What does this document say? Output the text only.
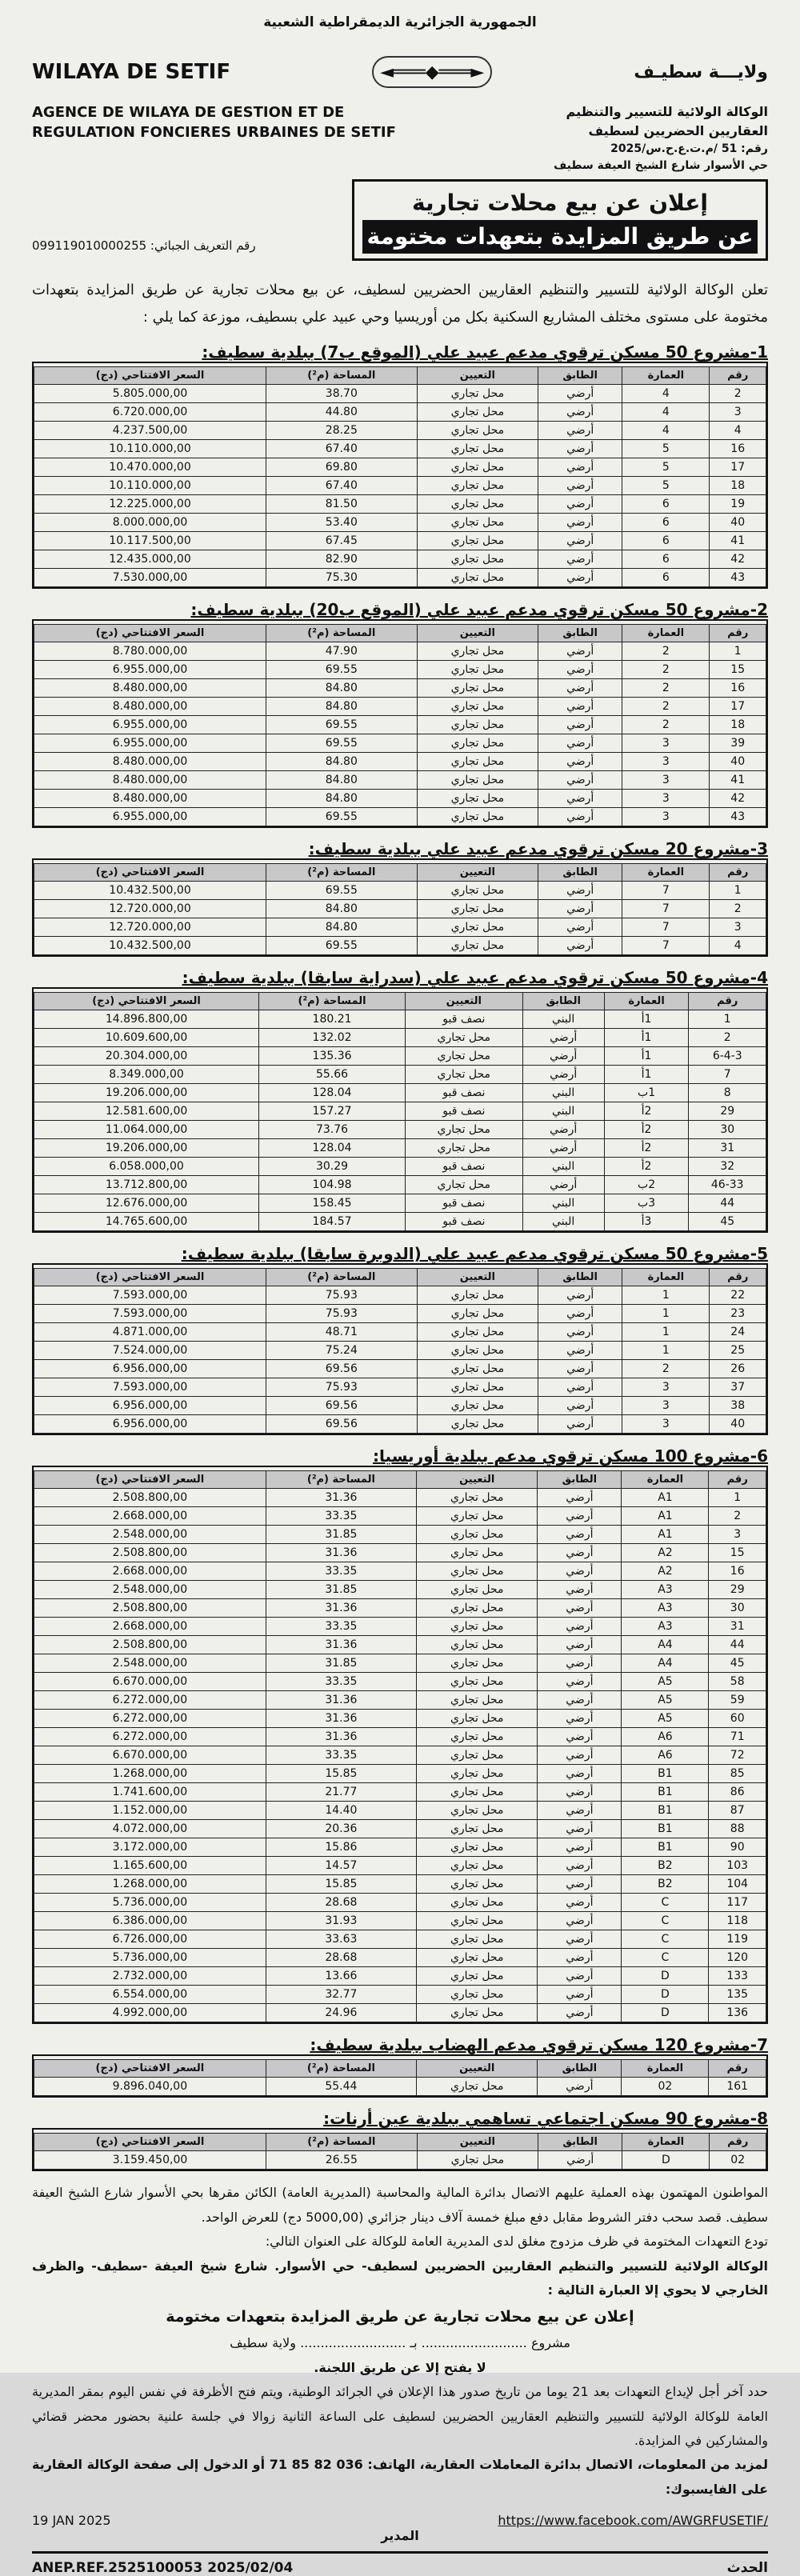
الجمهورية الجزائرية الديمقراطية الشعبية
WILAYA DE SETIF	◄═══◆═══►	ولايـــة سطيـف
AGENCE DE WILAYA DE GESTION ET DE
REGULATION FONCIERES URBAINES DE SETIF
الوكالة الولائية للتسيير والتنظيم
العقاريين الحضريين لسطيف
رقم: 51 /م.ت.ع.ح.س/2025
حي الأسوار شارع الشيخ العيفة سطيف
رقم التعريف الجبائي: 099119010000255
إعلان عن بيع محلات تجارية
عن طريق المزايدة بتعهدات مختومة
تعلن الوكالة الولائية للتسيير والتنظيم العقاريين الحضريين لسطيف، عن بيع محلات تجارية عن طريق المزايدة بتعهدات مختومة على مستوى مختلف المشاريع السكنية بكل من أوريسيا وحي عبيد علي بسطيف، موزعة كما يلي :
1-مشروع 50 مسكن ترقوي مدعم عبيد علي (الموقع ب7) ببلدية سطيف:
رقم	العمارة	الطابق	التعيين	المساحة (م²)	السعر الافتتاحي (دج)
2	4	أرضي	محل تجاري	38.70	5.805.000,00
3	4	أرضي	محل تجاري	44.80	6.720.000,00
4	4	أرضي	محل تجاري	28.25	4.237.500,00
16	5	أرضي	محل تجاري	67.40	10.110.000,00
17	5	أرضي	محل تجاري	69.80	10.470.000,00
18	5	أرضي	محل تجاري	67.40	10.110.000,00
19	6	أرضي	محل تجاري	81.50	12.225.000,00
40	6	أرضي	محل تجاري	53.40	8.000.000,00
41	6	أرضي	محل تجاري	67.45	10.117.500,00
42	6	أرضي	محل تجاري	82.90	12.435.000,00
43	6	أرضي	محل تجاري	75.30	7.530.000,00
2-مشروع 50 مسكن ترقوي مدعم عبيد علي (الموقع ب20) ببلدية سطيف:
رقم	العمارة	الطابق	التعيين	المساحة (م²)	السعر الافتتاحي (دج)
1	2	أرضي	محل تجاري	47.90	8.780.000,00
15	2	أرضي	محل تجاري	69.55	6.955.000,00
16	2	أرضي	محل تجاري	84.80	8.480.000,00
17	2	أرضي	محل تجاري	84.80	8.480.000,00
18	2	أرضي	محل تجاري	69.55	6.955.000,00
39	3	أرضي	محل تجاري	69.55	6.955.000,00
40	3	أرضي	محل تجاري	84.80	8.480.000,00
41	3	أرضي	محل تجاري	84.80	8.480.000,00
42	3	أرضي	محل تجاري	84.80	8.480.000,00
43	3	أرضي	محل تجاري	69.55	6.955.000,00
3-مشروع 20 مسكن ترقوي مدعم عبيد علي ببلدية سطيف:
رقم	العمارة	الطابق	التعيين	المساحة (م²)	السعر الافتتاحي (دج)
1	7	أرضي	محل تجاري	69.55	10.432.500,00
2	7	أرضي	محل تجاري	84.80	12.720.000,00
3	7	أرضي	محل تجاري	84.80	12.720.000,00
4	7	أرضي	محل تجاري	69.55	10.432.500,00
4-مشروع 50 مسكن ترقوي مدعم عبيد علي (سدراية سابقا) ببلدية سطيف:
رقم	العمارة	الطابق	التعيين	المساحة (م²)	السعر الافتتاحي (دج)
1	1أ	البني	نصف قبو	180.21	14.896.800,00
2	1أ	أرضي	محل تجاري	132.02	10.609.600,00
6-4-3	1أ	أرضي	محل تجاري	135.36	20.304.000,00
7	1أ	أرضي	محل تجاري	55.66	8.349.000,00
8	1ب	البني	نصف قبو	128.04	19.206.000,00
29	2أ	البني	نصف قبو	157.27	12.581.600,00
30	2أ	أرضي	محل تجاري	73.76	11.064.000,00
31	2أ	أرضي	محل تجاري	128.04	19.206.000,00
32	2أ	البني	نصف قبو	30.29	6.058.000,00
46-33	2ب	أرضي	محل تجاري	104.98	13.712.800,00
44	3ب	البني	نصف قبو	158.45	12.676.000,00
45	3أ	البني	نصف قبو	184.57	14.765.600,00
5-مشروع 50 مسكن ترقوي مدعم عبيد علي (الدوبرة سابقا) ببلدية سطيف:
رقم	العمارة	الطابق	التعيين	المساحة (م²)	السعر الافتتاحي (دج)
22	1	أرضي	محل تجاري	75.93	7.593.000,00
23	1	أرضي	محل تجاري	75.93	7.593.000,00
24	1	أرضي	محل تجاري	48.71	4.871.000,00
25	1	أرضي	محل تجاري	75.24	7.524.000,00
26	2	أرضي	محل تجاري	69.56	6.956.000,00
37	3	أرضي	محل تجاري	75.93	7.593.000,00
38	3	أرضي	محل تجاري	69.56	6.956.000,00
40	3	أرضي	محل تجاري	69.56	6.956.000,00
6-مشروع 100 مسكن ترقوي مدعم ببلدية أوريسيا:
رقم	العمارة	الطابق	التعيين	المساحة (م²)	السعر الافتتاحي (دج)
1	A1	أرضي	محل تجاري	31.36	2.508.800,00
2	A1	أرضي	محل تجاري	33.35	2.668.000,00
3	A1	أرضي	محل تجاري	31.85	2.548.000,00
15	A2	أرضي	محل تجاري	31.36	2.508.800,00
16	A2	أرضي	محل تجاري	33.35	2.668.000,00
29	A3	أرضي	محل تجاري	31.85	2.548.000,00
30	A3	أرضي	محل تجاري	31.36	2.508.800,00
31	A3	أرضي	محل تجاري	33.35	2.668.000,00
44	A4	أرضي	محل تجاري	31.36	2.508.800,00
45	A4	أرضي	محل تجاري	31.85	2.548.000,00
58	A5	أرضي	محل تجاري	33.35	6.670.000,00
59	A5	أرضي	محل تجاري	31.36	6.272.000,00
60	A5	أرضي	محل تجاري	31.36	6.272.000,00
71	A6	أرضي	محل تجاري	31.36	6.272.000,00
72	A6	أرضي	محل تجاري	33.35	6.670.000,00
85	B1	أرضي	محل تجاري	15.85	1.268.000,00
86	B1	أرضي	محل تجاري	21.77	1.741.600,00
87	B1	أرضي	محل تجاري	14.40	1.152.000,00
88	B1	أرضي	محل تجاري	20.36	4.072.000,00
90	B1	أرضي	محل تجاري	15.86	3.172.000,00
103	B2	أرضي	محل تجاري	14.57	1.165.600,00
104	B2	أرضي	محل تجاري	15.85	1.268.000,00
117	C	أرضي	محل تجاري	28.68	5.736.000,00
118	C	أرضي	محل تجاري	31.93	6.386.000,00
119	C	أرضي	محل تجاري	33.63	6.726.000,00
120	C	أرضي	محل تجاري	28.68	5.736.000,00
133	D	أرضي	محل تجاري	13.66	2.732.000,00
135	D	أرضي	محل تجاري	32.77	6.554.000,00
136	D	أرضي	محل تجاري	24.96	4.992.000,00
7-مشروع 120 مسكن ترقوي مدعم الهضاب ببلدية سطيف:
رقم	العمارة	الطابق	التعيين	المساحة (م²)	السعر الافتتاحي (دج)
161	02	أرضي	محل تجاري	55.44	9.896.040,00
8-مشروع 90 مسكن اجتماعي تساهمي ببلدية عين أرنات:
رقم	العمارة	الطابق	التعيين	المساحة (م²)	السعر الافتتاحي (دج)
02	D	أرضي	محل تجاري	26.55	3.159.450,00
المواطنون المهتمون بهذه العملية عليهم الاتصال بدائرة المالية والمحاسبة (المديرية العامة) الكائن مقرها بحي الأسوار شارع الشيخ العيفة سطيف. قصد سحب دفتر الشروط مقابل دفع مبلغ خمسة آلاف دينار جزائري (5000,00 دج) للعرض الواحد.
تودع التعهدات المختومة في ظرف مزدوج مغلق لدى المديرية العامة للوكالة على العنوان التالي:
الوكالة الولائية للتسيير والتنظيم العقاريين الحضريين لسطيف- حي الأسوار. شارع شيخ العيفة -سطيف- والظرف الخارجي لا يحوي إلا العبارة التالية :
إعلان عن بيع محلات تجارية عن طريق المزايدة بتعهدات مختومة
مشروع .......................... بـ .......................... ولاية سطيف
لا يفتح إلا عن طريق اللجنة.
حدد آخر أجل لإيداع التعهدات بعد 21 يوما من تاريخ صدور هذا الإعلان في الجرائد الوطنية، ويتم فتح الأظرفة في نفس اليوم بمقر المديرية العامة للوكالة الولائية للتسيير والتنظيم العقاريين الحضريين لسطيف على الساعة الثانية زوالا في جلسة علنية بحضور محضر قضائي والمشاركين في المزايدة.
لمزيد من المعلومات، الاتصال بدائرة المعاملات العقارية، الهاتف: 036 82 85 71 أو الدخول إلى صفحة الوكالة العقارية على الفايسبوك:
19 JAN 2025	https://www.facebook.com/AWGRFUSETIF/
المدير
ANEP.REF.2525100053 2025/02/04	الحدث
